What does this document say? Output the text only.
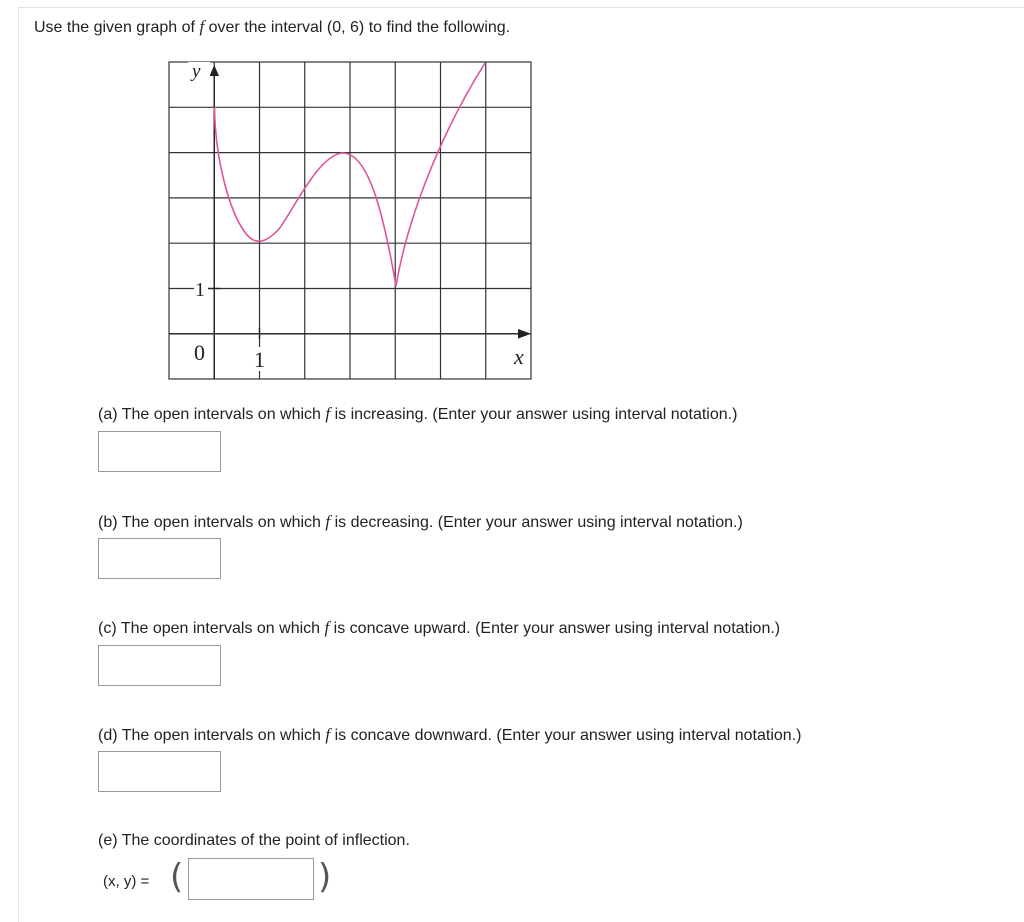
Use the given graph of f over the interval (0, 6) to find the following.
y
1
0 1	x
(a) The open intervals on which f is increasing. (Enter your answer using interval notation.)
(b) The open intervals on which f is decreasing. (Enter your answer using interval notation.)
(c) The open intervals on which f is concave upward. (Enter your answer using interval notation.)
(d) The open intervals on which f is concave downward. (Enter your answer using interval notation.)
(e) The coordinates of the point of inflection.
(x, y) = (	)
